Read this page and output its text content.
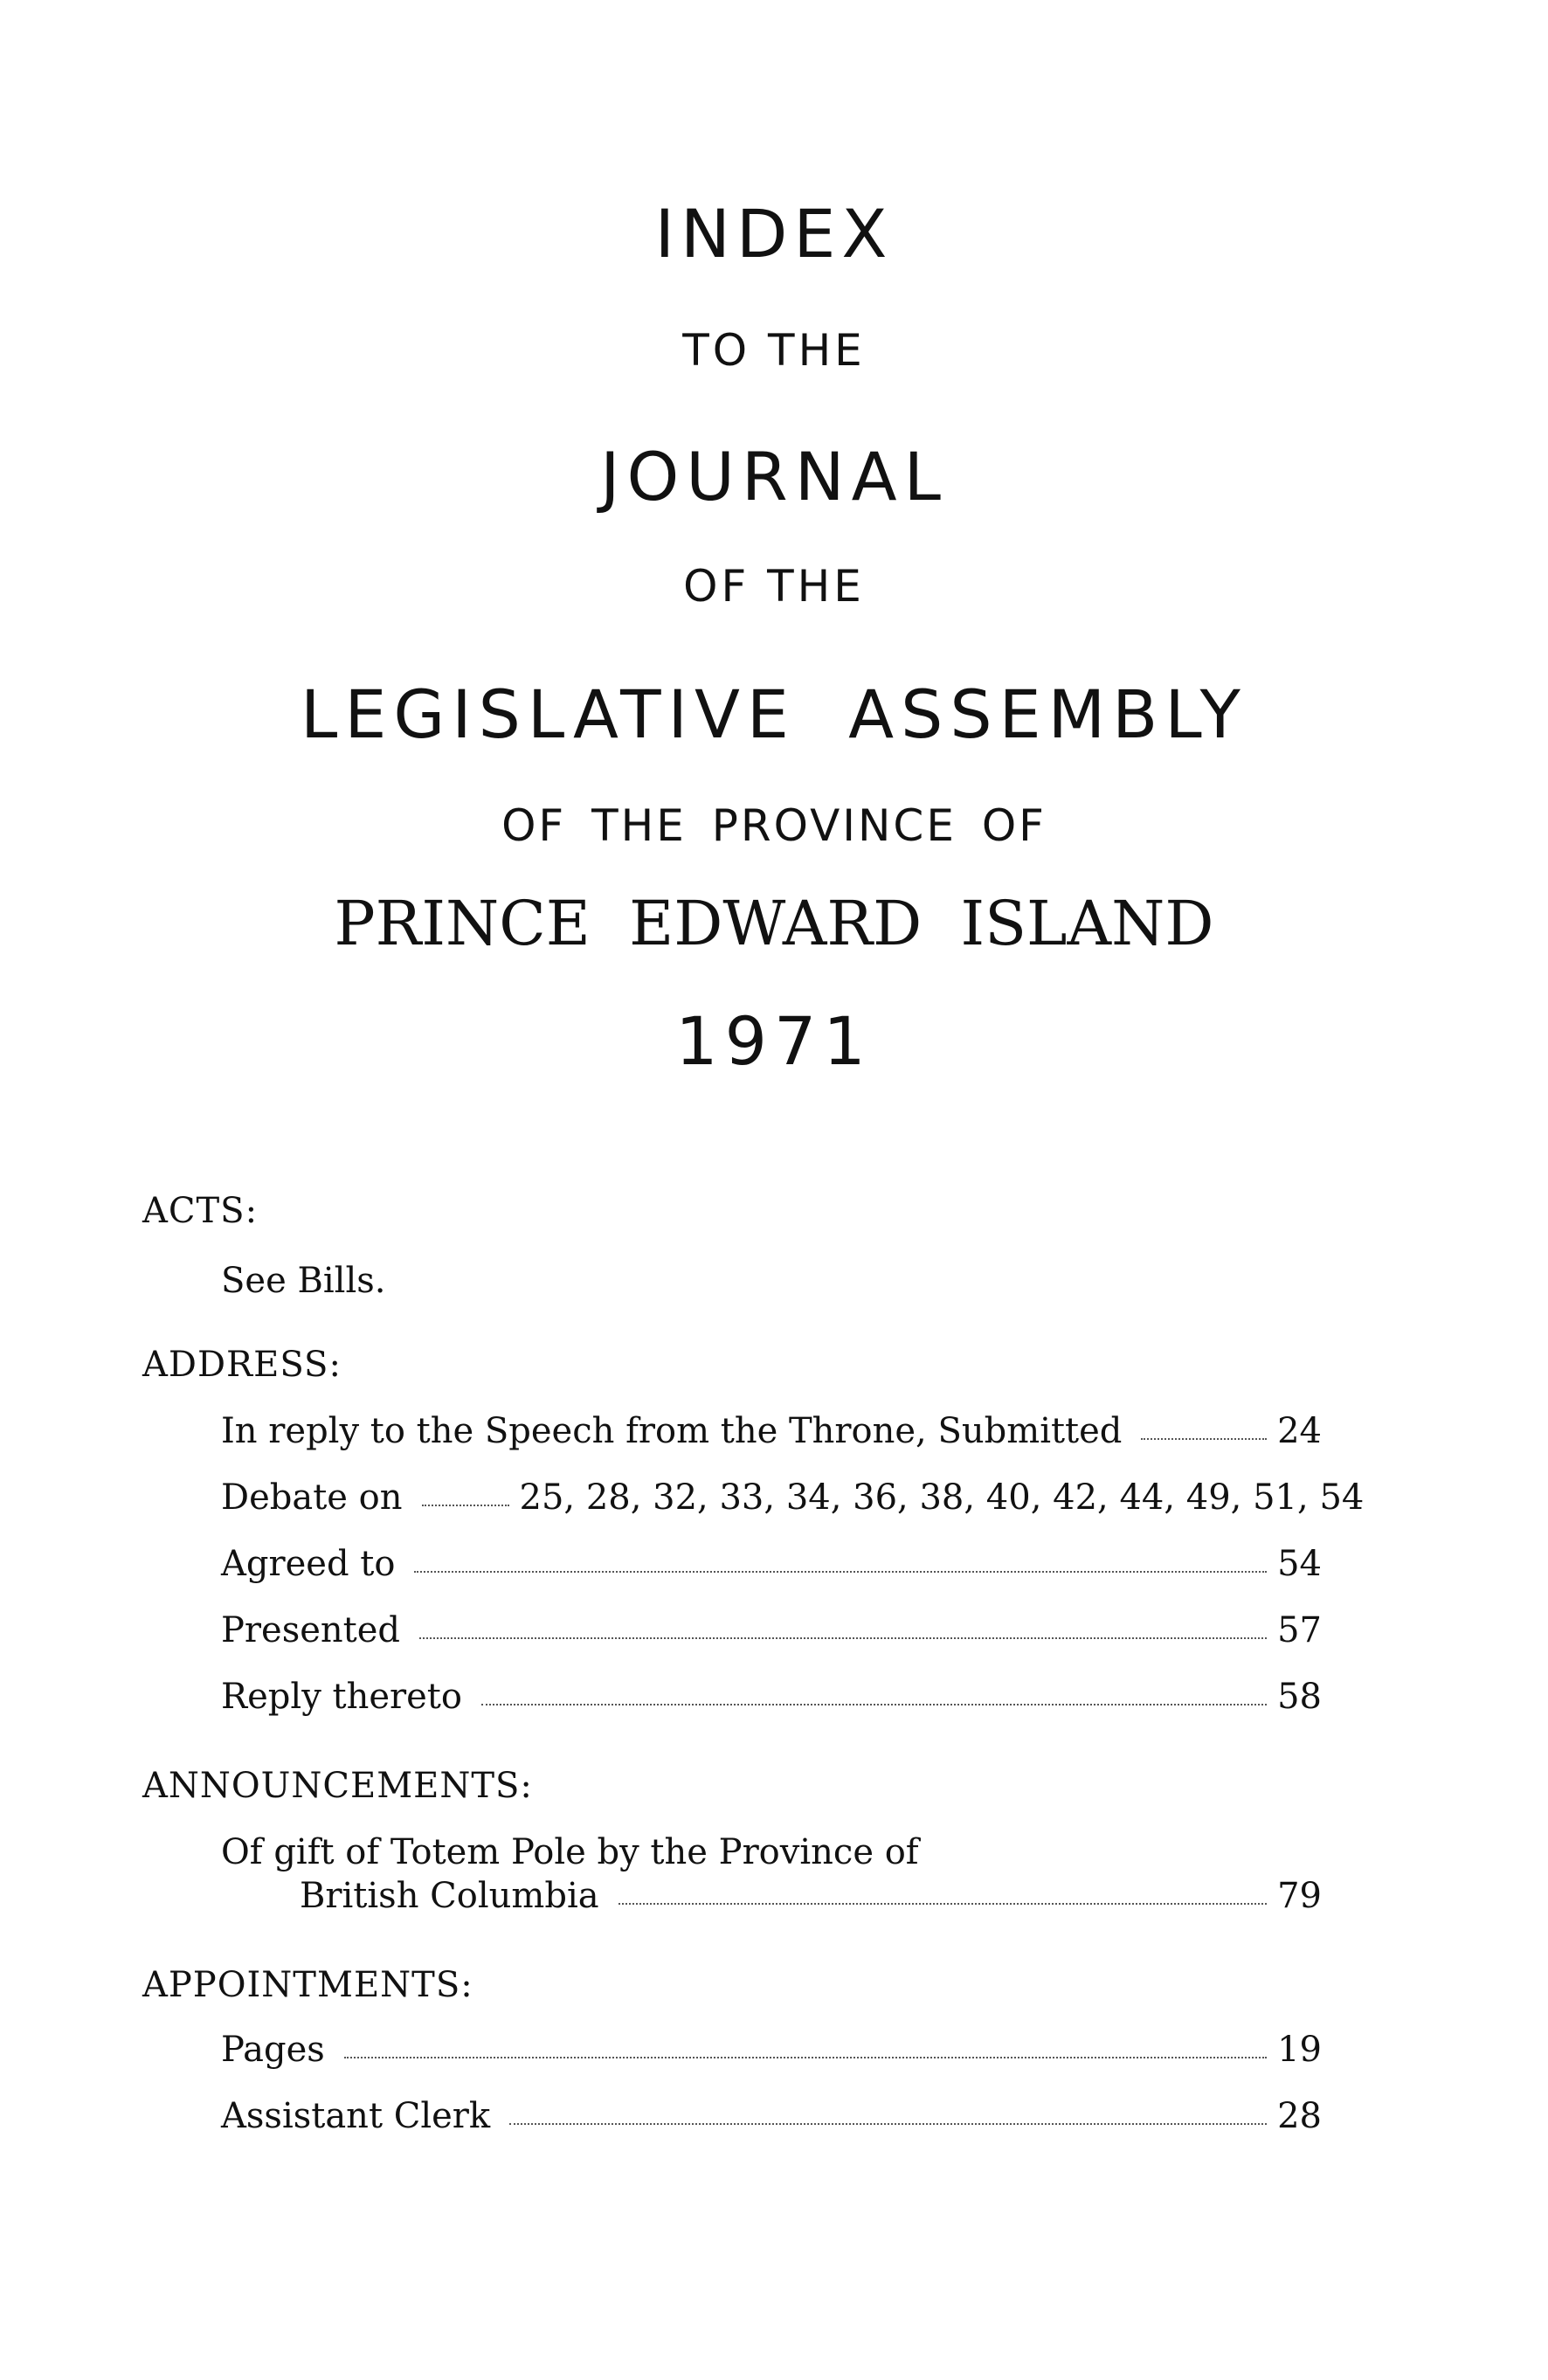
INDEX
TO THE
JOURNAL
OF THE
LEGISLATIVE ASSEMBLY
OF THE PROVINCE OF
PRINCE EDWARD ISLAND
1971
ACTS:
See Bills.
ADDRESS:
In reply to the Speech from the Throne, Submitted	24
Debate on	25, 28, 32, 33, 34, 36, 38, 40, 42, 44, 49, 51, 54
Agreed to	54
Presented	57
Reply thereto	58
ANNOUNCEMENTS:
Of gift of Totem Pole by the Province of
British Columbia	79
APPOINTMENTS:
Pages	19
Assistant Clerk	28
